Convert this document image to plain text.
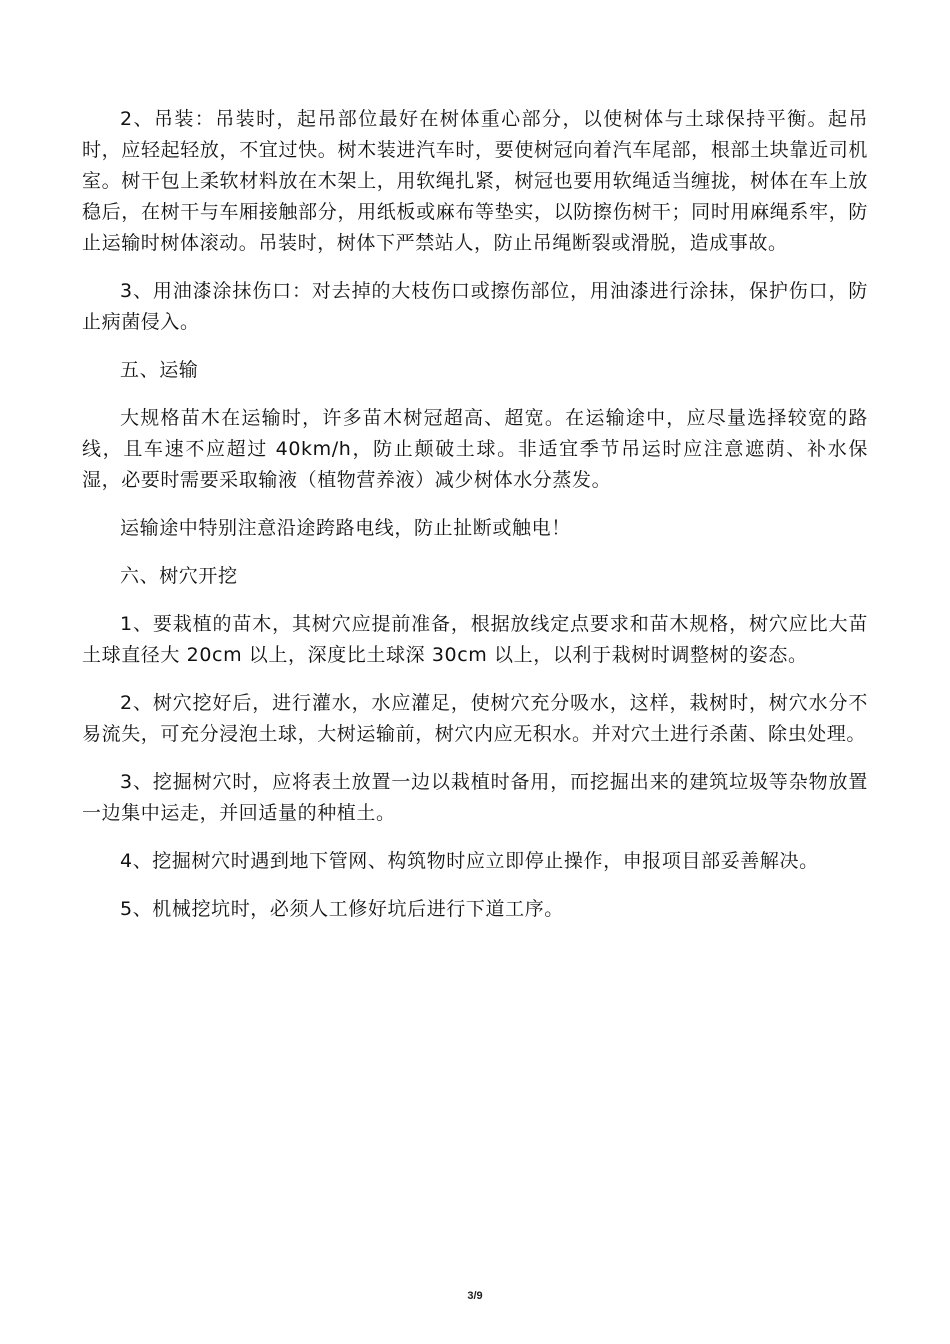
2、吊装：吊装时，起吊部位最好在树体重心部分，以使树体与土球保持平衡。起吊时，应轻起轻放，不宜过快。树木装进汽车时，要使树冠向着汽车尾部，根部土块靠近司机室。树干包上柔软材料放在木架上，用软绳扎紧，树冠也要用软绳适当缠拢，树体在车上放稳后，在树干与车厢接触部分，用纸板或麻布等垫实，以防擦伤树干；同时用麻绳系牢，防止运输时树体滚动。吊装时，树体下严禁站人，防止吊绳断裂或滑脱，造成事故。

3、用油漆涂抹伤口：对去掉的大枝伤口或擦伤部位，用油漆进行涂抹，保护伤口，防止病菌侵入。

五、运输

大规格苗木在运输时，许多苗木树冠超高、超宽。在运输途中，应尽量选择较宽的路线，且车速不应超过 40km/h，防止颠破土球。非适宜季节吊运时应注意遮荫、补水保湿，必要时需要采取输液（植物营养液）减少树体水分蒸发。

运输途中特别注意沿途跨路电线，防止扯断或触电！

六、树穴开挖

1、要栽植的苗木，其树穴应提前准备，根据放线定点要求和苗木规格，树穴应比大苗土球直径大 20cm 以上，深度比土球深 30cm 以上，以利于栽树时调整树的姿态。

2、树穴挖好后，进行灌水，水应灌足，使树穴充分吸水，这样，栽树时，树穴水分不易流失，可充分浸泡土球，大树运输前，树穴内应无积水。并对穴土进行杀菌、除虫处理。

3、挖掘树穴时，应将表土放置一边以栽植时备用，而挖掘出来的建筑垃圾等杂物放置一边集中运走，并回适量的种植土。

4、挖掘树穴时遇到地下管网、构筑物时应立即停止操作，申报项目部妥善解决。

5、机械挖坑时，必须人工修好坑后进行下道工序。

3/9
